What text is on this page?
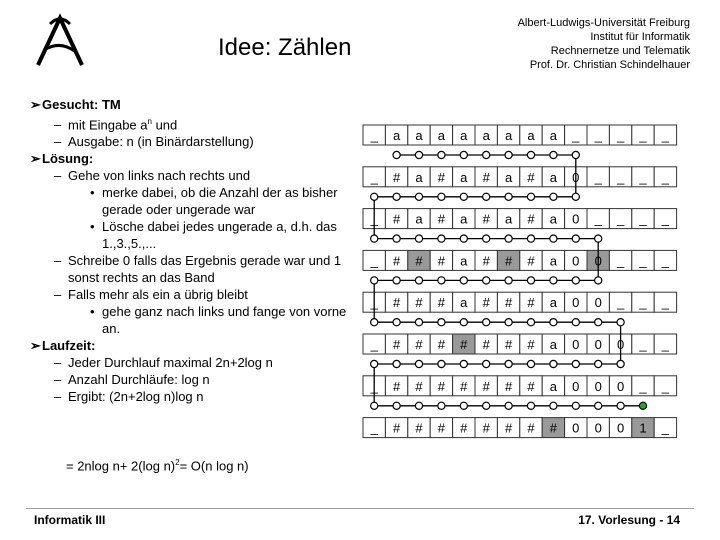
Idee: Zählen
Albert-Ludwigs-Universität Freiburg
Institut für Informatik
Rechnernetze und Telematik
Prof. Dr. Christian Schindelhauer
➢Gesucht: TM
– mit Eingabe $a^n$ und
– Ausgabe: n (in Binärdarstellung)
➢Lösung:
– Gehe von links nach rechts und
• merke dabei, ob die Anzahl der as bisher gerade oder ungerade war
• Lösche dabei jedes ungerade a, d.h. das 1.,3.,5.,...
– Schreibe 0 falls das Ergebnis gerade war und 1 sonst rechts an das Band
– Falls mehr als ein a übrig bleibt
• gehe ganz nach links und fange von vorne an.
➢Laufzeit:
– Jeder Durchlauf maximal 2n+2log n
– Anzahl Durchläufe: log n
– Ergibt: (2n+2log n)log n
= 2nlog n+ 2(log n)$^2$= O(n log n)
_ a a a a a a a a _ _ _ _ _
_ # a # a # a # a 0 _ _ _ _
_ # a # a # a # a 0 _ _ _ _
_ # # # a # # # a 0 0 _ _ _
_ # # # a # # # a 0 0 _ _ _
_ # # # # # # # a 0 0 0 _ _
_ # # # # # # # a 0 0 0 _ _
_ # # # # # # # # 0 0 0 1 _
Informatik III	17. Vorlesung - 14
